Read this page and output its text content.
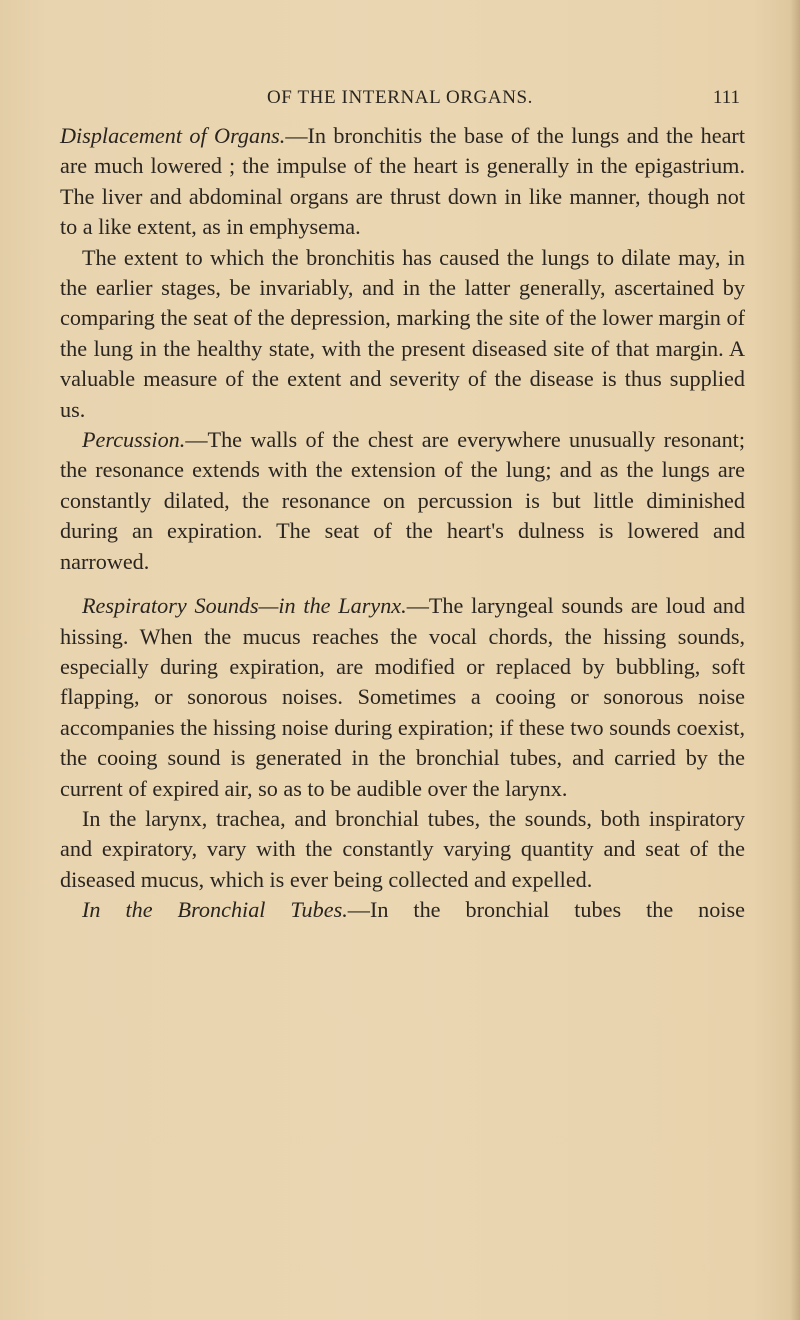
OF THE INTERNAL ORGANS.	111

Displacement of Organs.—In bronchitis the base of the lungs and the heart are much lowered ; the impulse of the heart is generally in the epigastrium. The liver and abdominal organs are thrust down in like manner, though not to a like extent, as in emphysema.

The extent to which the bronchitis has caused the lungs to dilate may, in the earlier stages, be invariably, and in the latter generally, ascertained by comparing the seat of the depression, marking the site of the lower margin of the lung in the healthy state, with the present diseased site of that margin. A valuable measure of the extent and severity of the disease is thus supplied us.

Percussion.—The walls of the chest are everywhere unusually resonant; the resonance extends with the extension of the lung; and as the lungs are constantly dilated, the resonance on percussion is but little diminished during an expiration. The seat of the heart's dulness is lowered and narrowed.

Respiratory Sounds—in the Larynx.—The laryngeal sounds are loud and hissing. When the mucus reaches the vocal chords, the hissing sounds, especially during expiration, are modified or replaced by bubbling, soft flapping, or sonorous noises. Sometimes a cooing or sonorous noise accompanies the hissing noise during expiration; if these two sounds coexist, the cooing sound is generated in the bronchial tubes, and carried by the current of expired air, so as to be audible over the larynx.

In the larynx, trachea, and bronchial tubes, the sounds, both inspiratory and expiratory, vary with the constantly varying quantity and seat of the diseased mucus, which is ever being collected and expelled.

In the Bronchial Tubes.—In the bronchial tubes the noise
